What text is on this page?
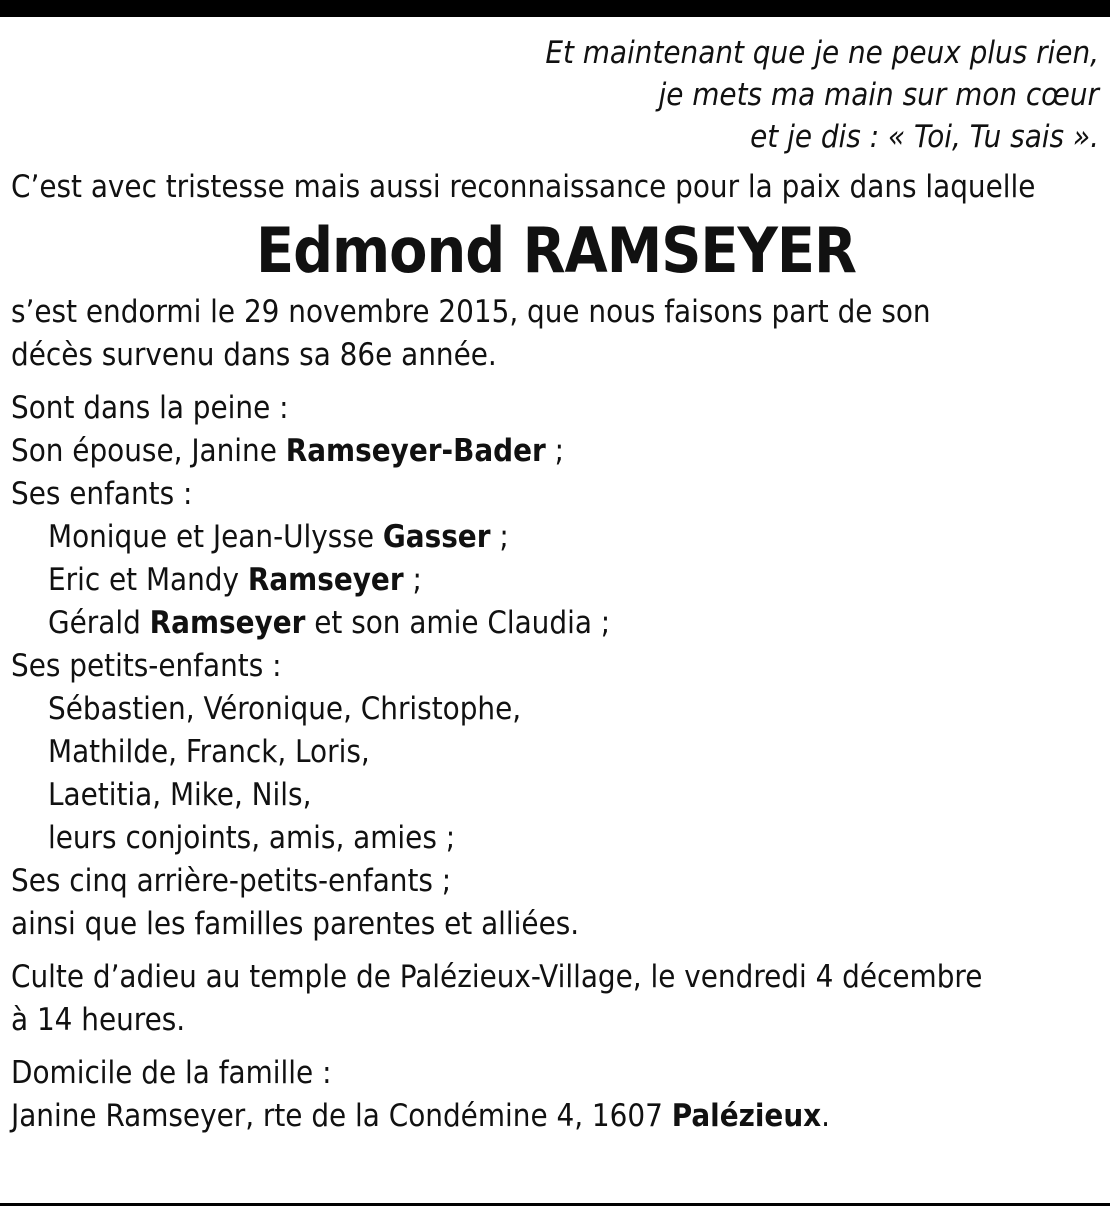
Et maintenant que je ne peux plus rien,
je mets ma main sur mon cœur
et je dis : « Toi, Tu sais ».

C’est avec tristesse mais aussi reconnaissance pour la paix dans laquelle

Edmond RAMSEYER

s’est endormi le 29 novembre 2015, que nous faisons part de son

décès survenu dans sa 86e année.

Sont dans la peine :

Son épouse, Janine Ramseyer-Bader ;

Ses enfants :

Monique et Jean-Ulysse Gasser ;

Eric et Mandy Ramseyer ;

Gérald Ramseyer et son amie Claudia ;

Ses petits-enfants :

Sébastien, Véronique, Christophe,

Mathilde, Franck, Loris,

Laetitia, Mike, Nils,

leurs conjoints, amis, amies ;

Ses cinq arrière-petits-enfants ;

ainsi que les familles parentes et alliées.

Culte d’adieu au temple de Palézieux-Village, le vendredi 4 décembre

à 14 heures.

Domicile de la famille :

Janine Ramseyer, rte de la Condémine 4, 1607 Palézieux.
